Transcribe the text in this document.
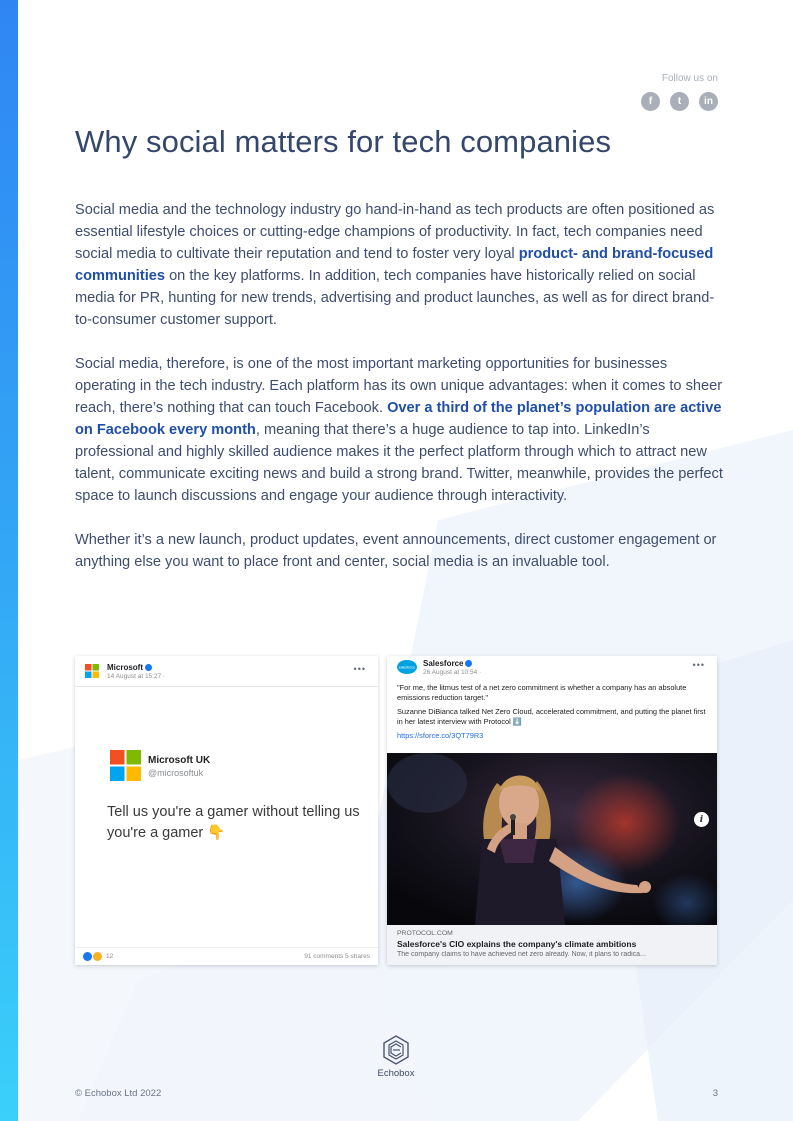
Follow us on
f	t	in
Why social matters for tech companies

Social media and the technology industry go hand-in-hand as tech products are often positioned as essential lifestyle choices or cutting-edge champions of productivity. In fact, tech companies need social media to cultivate their reputation and tend to foster very loyal product- and brand-focused communities on the key platforms. In addition, tech companies have historically relied on social media for PR, hunting for new trends, advertising and product launches, as well as for direct brand-to-consumer customer support.

Social media, therefore, is one of the most important marketing opportunities for businesses operating in the tech industry. Each platform has its own unique advantages: when it comes to sheer reach, there’s nothing that can touch Facebook. Over a third of the planet’s population are active on Facebook every month, meaning that there’s a huge audience to tap into. LinkedIn’s professional and highly skilled audience makes it the perfect platform through which to attract new talent, communicate exciting news and build a strong brand. Twitter, meanwhile, provides the perfect space to launch discussions and engage your audience through interactivity.

Whether it’s a new launch, product updates, event announcements, direct customer engagement or anything else you want to place front and center, social media is an invaluable tool.

Microsoft
14 August at 15:27 ·
•••
Microsoft UK
@microsoftuk
Tell us you're a gamer without telling us you're a gamer 👇
12	91 comments 5 shares
salesforce Salesforce
26 August at 10:54 ·
•••

"For me, the litmus test of a net zero commitment is whether a company has an absolute emissions reduction target."

Suzanne DiBianca talked Net Zero Cloud, accelerated commitment, and putting the planet first in her latest interview with Protocol ⬇️

https://sforce.co/3QT79R3
i
PROTOCOL.COM
Salesforce's CIO explains the company's climate ambitions
The company claims to have achieved net zero already. Now, it plans to radica...
Echobox
© Echobox Ltd 2022	3
